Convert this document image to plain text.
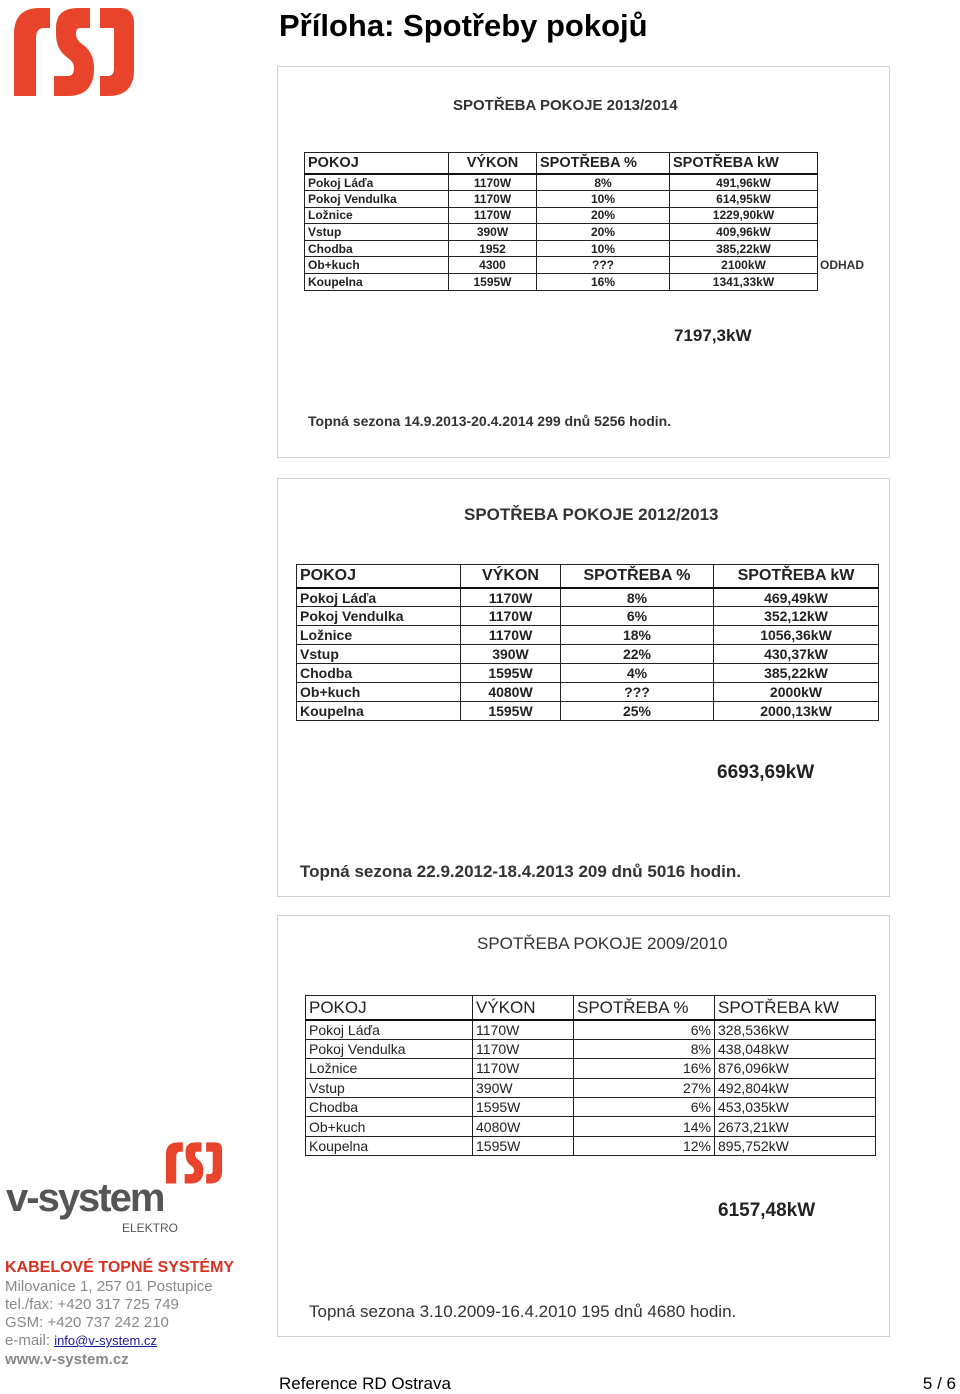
Příloha: Spotřeby pokojů
SPOTŘEBA POKOJE 2013/2014
POKOJ	VÝKON	SPOTŘEBA %	SPOTŘEBA kW
Pokoj Láďa	1170W	8%	491,96kW
Pokoj Vendulka	1170W	10%	614,95kW
Ložnice	1170W	20%	1229,90kW
Vstup	390W	20%	409,96kW
Chodba	1952	10%	385,22kW
Ob+kuch	4300	???	2100kW
Koupelna	1595W	16%	1341,33kW
ODHAD
7197,3kW
Topná sezona 14.9.2013-20.4.2014 299 dnů 5256 hodin.
SPOTŘEBA POKOJE 2012/2013
POKOJ	VÝKON	SPOTŘEBA %	SPOTŘEBA kW
Pokoj Láďa	1170W	8%	469,49kW
Pokoj Vendulka	1170W	6%	352,12kW
Ložnice	1170W	18%	1056,36kW
Vstup	390W	22%	430,37kW
Chodba	1595W	4%	385,22kW
Ob+kuch	4080W	???	2000kW
Koupelna	1595W	25%	2000,13kW
6693,69kW
Topná sezona 22.9.2012-18.4.2013 209 dnů 5016 hodin.
SPOTŘEBA POKOJE 2009/2010
POKOJ	VÝKON	SPOTŘEBA %	SPOTŘEBA kW
Pokoj Láďa	1170W	6%	328,536kW
Pokoj Vendulka	1170W	8%	438,048kW
Ložnice	1170W	16%	876,096kW
Vstup	390W	27%	492,804kW
Chodba	1595W	6%	453,035kW
Ob+kuch	4080W	14%	2673,21kW
Koupelna	1595W	12%	895,752kW
6157,48kW
Topná sezona 3.10.2009-16.4.2010 195 dnů 4680 hodin.
v-system
ELEKTRO
KABELOVÉ TOPNÉ SYSTÉMY
Milovanice 1, 257 01 Postupice
tel./fax: +420 317 725 749
GSM: +420 737 242 210
e-mail: info@v-system.cz
www.v-system.cz
Reference RD Ostrava	5 / 6
